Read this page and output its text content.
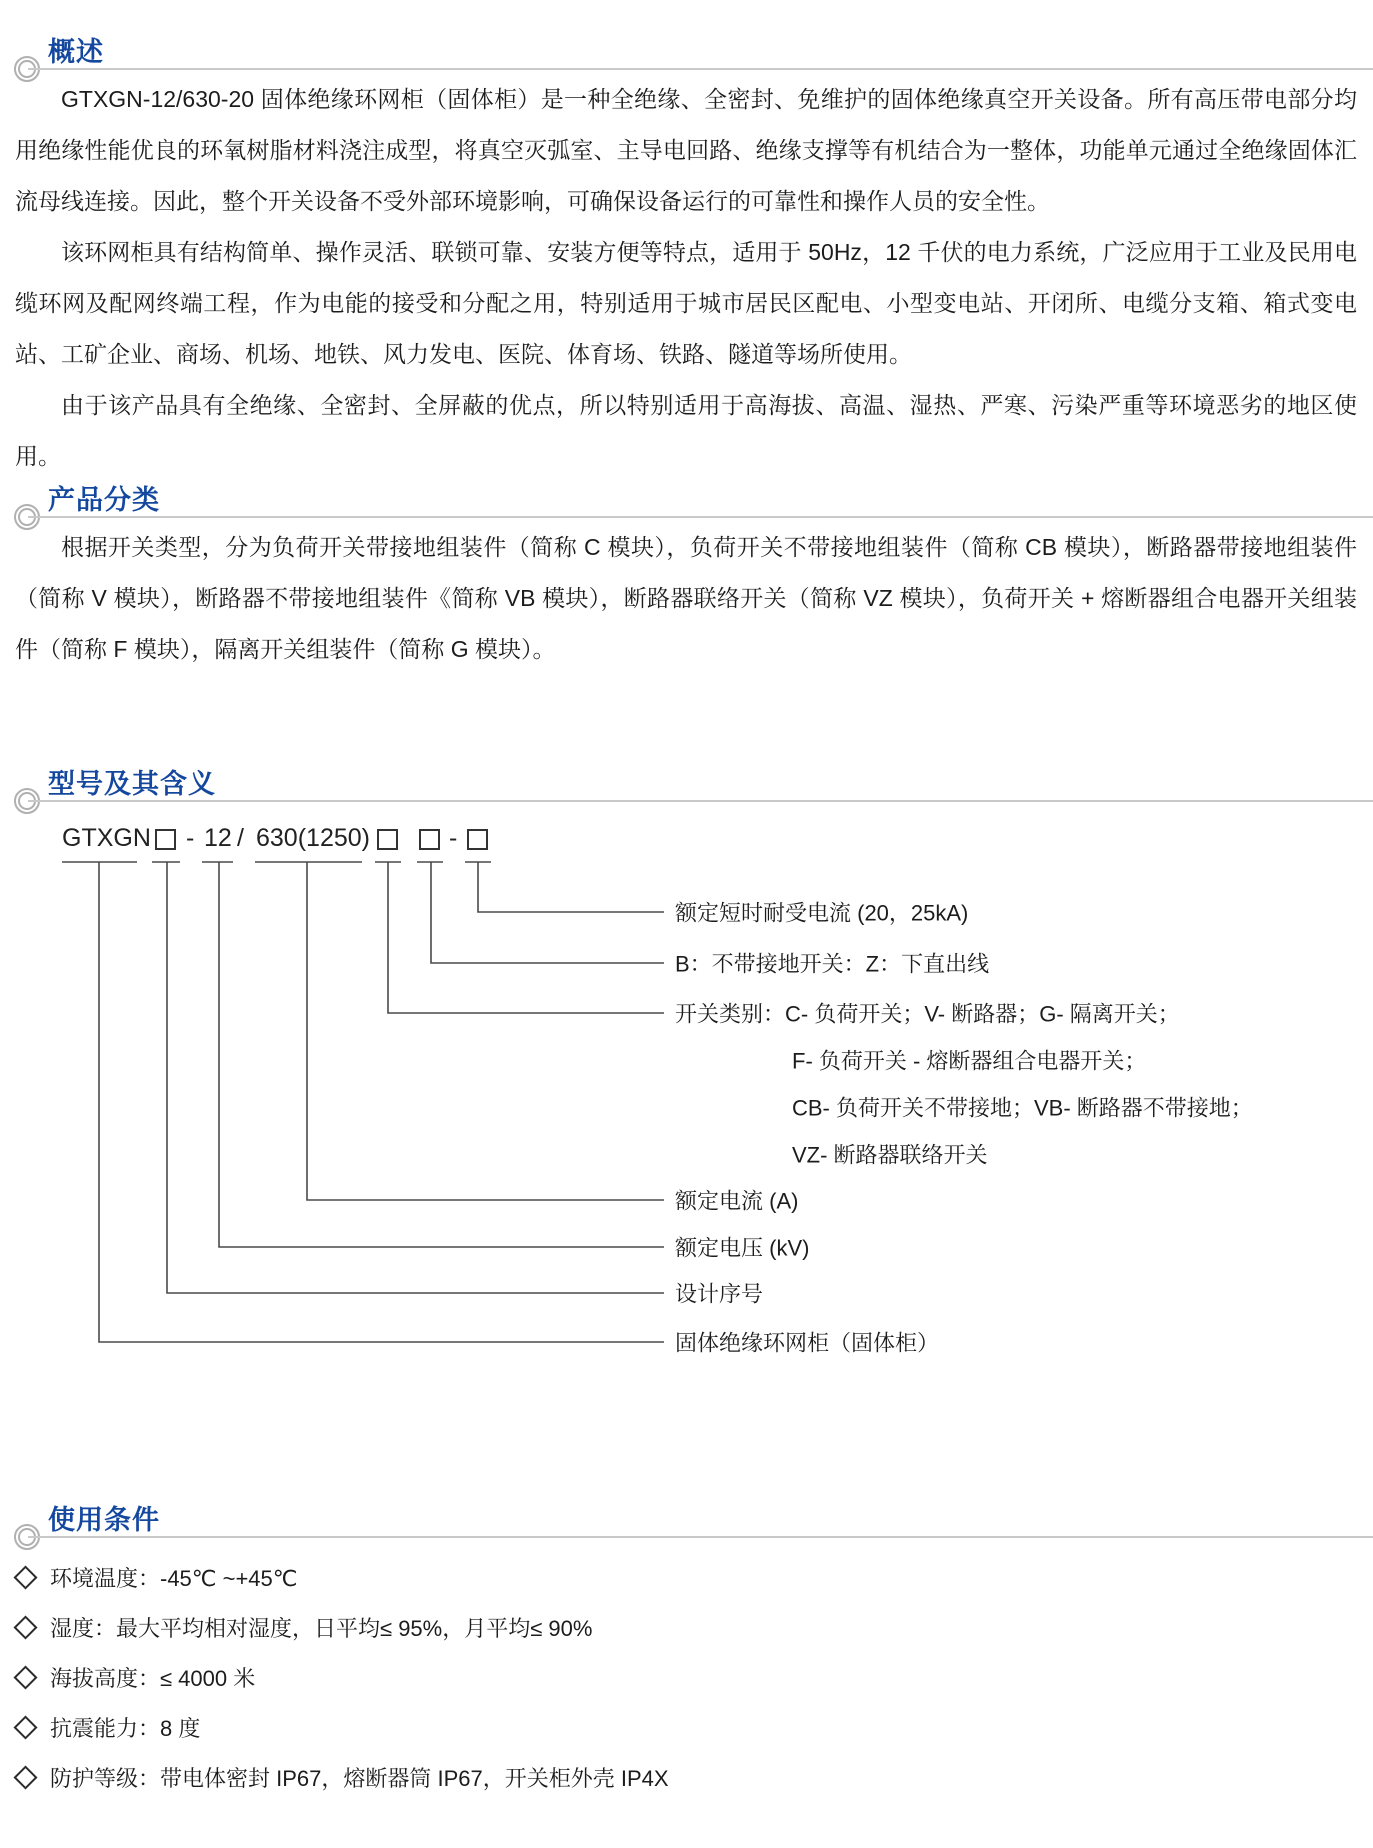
概述

GTXGN-12/630-20 固体绝缘环网柜（固体柜）是一种全绝缘、全密封、免维护的固体绝缘真空开关设备。所有高压带电部分均用绝缘性能优良的环氧树脂材料浇注成型，将真空灭弧室、主导电回路、绝缘支撑等有机结合为一整体，功能单元通过全绝缘固体汇流母线连接。因此，整个开关设备不受外部环境影响，可确保设备运行的可靠性和操作人员的安全性。

该环网柜具有结构简单、操作灵活、联锁可靠、安装方便等特点，适用于 50Hz，12 千伏的电力系统，广泛应用于工业及民用电缆环网及配网终端工程，作为电能的接受和分配之用，特别适用于城市居民区配电、小型变电站、开闭所、电缆分支箱、箱式变电站、工矿企业、商场、机场、地铁、风力发电、医院、体育场、铁路、隧道等场所使用。

由于该产品具有全绝缘、全密封、全屏蔽的优点，所以特别适用于高海拔、高温、湿热、严寒、污染严重等环境恶劣的地区使用。

产品分类

根据开关类型，分为负荷开关带接地组装件（简称 C 模块），负荷开关不带接地组装件（简称 CB 模块），断路器带接地组装件（简称 V 模块），断路器不带接地组装件《简称 VB 模块），断路器联络开关（简称 VZ 模块），负荷开关 + 熔断器组合电器开关组装件（简称 F 模块），隔离开关组装件（简称 G 模块）。

型号及其含义
GTXGN - 12 / 630(1250)	-
额定短时耐受电流 (20，25kA)
B：不带接地开关：Z：下直出线
开关类别：C- 负荷开关；V- 断路器；G- 隔离开关；
F- 负荷开关 - 熔断器组合电器开关；
CB- 负荷开关不带接地；VB- 断路器不带接地；
VZ- 断路器联络开关
额定电流 (A)
额定电压 (kV)
设计序号
固体绝缘环网柜（固体柜）
使用条件
环境温度：-45℃ ~+45℃
湿度：最大平均相对湿度，日平均≤ 95%，月平均≤ 90%
海拔高度：≤ 4000 米
抗震能力：8 度
防护等级：带电体密封 IP67，熔断器筒 IP67，开关柜外壳 IP4X
